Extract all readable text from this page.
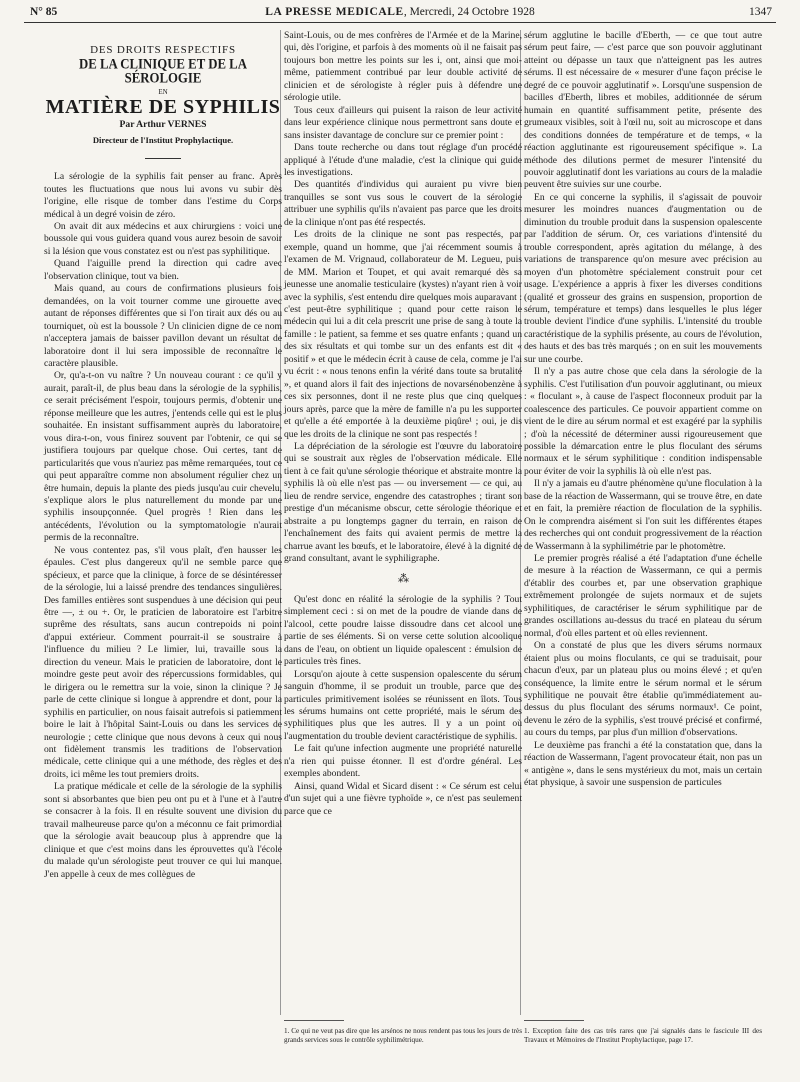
N° 85	LA PRESSE MEDICALE, Mercredi, 24 Octobre 1928	1347
DES DROITS RESPECTIFS
DE LA CLINIQUE ET DE LA SÉROLOGIE
EN
MATIÈRE DE SYPHILIS
Par Arthur VERNES
Directeur de l'Institut Prophylactique.

La sérologie de la syphilis fait penser au franc. Après toutes les fluctuations que nous lui avons vu subir dès l'origine, elle risque de tomber dans l'estime du Corps médical à un degré voisin de zéro.

On avait dit aux médecins et aux chirurgiens : voici une boussole qui vous guidera quand vous aurez besoin de savoir si la lésion que vous constatez est ou n'est pas syphilitique.

Quand l'aiguille prend la direction qui cadre avec l'observation clinique, tout va bien.

Mais quand, au cours de confirmations plusieurs fois demandées, on la voit tourner comme une girouette avec autant de réponses différentes que si l'on tirait aux dés ou au tourniquet, où est la boussole ? Un clinicien digne de ce nom n'acceptera jamais de baisser pavillon devant un résultat de laboratoire dont il lui sera impossible de reconnaître le caractère plausible.

Or, qu'a-t-on vu naître ? Un nouveau courant : ce qu'il y aurait, paraît-il, de plus beau dans la sérologie de la syphilis, ce serait précisément l'espoir, toujours permis, d'obtenir une réponse meilleure que les autres, j'entends celle qui est le plus souhaitée. En insistant suffisamment auprès du laboratoire, vous dira-t-on, vous finirez souvent par l'obtenir, ce qui se justifiera toujours par quelque chose. Oui certes, tant de particularités que vous n'auriez pas même remarquées, tout ce qui peut apparaître comme non absolument régulier chez un être humain, depuis la plante des pieds jusqu'au cuir chevelu, s'explique alors le plus naturellement du monde par une syphilis insoupçonnée. Quel progrès ! Rien dans les antécédents, l'évolution ou la symptomatologie n'aurait permis de la reconnaître.

Ne vous contentez pas, s'il vous plaît, d'en hausser les épaules. C'est plus dangereux qu'il ne semble parce que spécieux, et parce que la clinique, à force de se désintéresser de la sérologie, lui a laissé prendre des tendances singulières. Des familles entières sont suspendues à une décision qui peut être —, ± ou +. Or, le praticien de laboratoire est l'arbitre suprême des résultats, sans aucun contrepoids ni point d'appui extérieur. Comment pourrait-il se soustraire à l'influence du milieu ? Le limier, lui, travaille sous la direction du veneur. Mais le praticien de laboratoire, dont le moindre geste peut avoir des répercussions formidables, qui le dirigera ou le remettra sur la voie, sinon la clinique ? Je parle de cette clinique si longue à apprendre et dont, pour la syphilis en particulier, on nous faisait autrefois si patiemment boire le lait à l'hôpital Saint-Louis ou dans les services de neurologie ; cette clinique que nous devons à ceux qui nous ont fidèlement transmis les traditions de l'observation médicale, cette clinique qui a une méthode, des règles et des droits, ici même les tout premiers droits.

La pratique médicale et celle de la sérologie de la syphilis sont si absorbantes que bien peu ont pu et à l'une et à l'autre se consacrer à la fois. Il en résulte souvent une division du travail malheureuse parce qu'on a méconnu ce fait primordial que la sérologie avait beaucoup plus à apprendre que la clinique et que c'est moins dans les éprouvettes qu'à l'école du malade qu'un sérologiste peut trouver ce qui lui manque. J'en appelle à ceux de mes collègues de

Saint-Louis, ou de mes confrères de l'Armée et de la Marine, qui, dès l'origine, et parfois à des moments où il ne faisait pas toujours bon mettre les points sur les i, ont, ainsi que moi-même, patiemment contribué par leur double activité de clinicien et de sérologiste à régler puis à défendre une sérologie utile.

Tous ceux d'ailleurs qui puisent la raison de leur activité dans leur expérience clinique nous permettront sans doute et sans insister davantage de conclure sur ce premier point :

Dans toute recherche ou dans tout réglage d'un procédé appliqué à l'étude d'une maladie, c'est la clinique qui guide les investigations.

Des quantités d'individus qui auraient pu vivre bien tranquilles se sont vus sous le couvert de la sérologie attribuer une syphilis qu'ils n'avaient pas parce que les droits de la clinique n'ont pas été respectés.

Les droits de la clinique ne sont pas respectés, par exemple, quand un homme, que j'ai récemment soumis à l'examen de M. Vrignaud, collaborateur de M. Legueu, puis de MM. Marion et Toupet, et qui avait remarqué dès sa jeunesse une anomalie testiculaire (kystes) n'ayant rien à voir avec la syphilis, s'est entendu dire quelques mois auparavant : c'est peut-être syphilitique ; quand pour cette raison le médecin qui lui a dit cela prescrit une prise de sang à toute la famille : le patient, sa femme et ses quatre enfants ; quand un des six résultats et qui tombe sur un des enfants est dit « positif » et que le médecin écrit à cause de cela, comme je l'ai vu écrit : « nous tenons enfin la vérité dans toute sa brutalité », et quand alors il fait des injections de novarsénobenzène à ces six personnes, dont il ne reste plus que cinq quelques jours après, parce que la mère de famille n'a pu les supporter et qu'elle a été emportée à la deuxième piqûre¹ ; oui, je dis que les droits de la clinique ne sont pas respectés !

La dépréciation de la sérologie est l'œuvre du laboratoire qui se soustrait aux règles de l'observation médicale. Elle tient à ce fait qu'une sérologie théorique et abstraite montre la syphilis là où elle n'est pas — ou inversement — ce qui, au lieu de rendre service, engendre des catastrophes ; tirant son prestige d'un mécanisme obscur, cette sérologie théorique et abstraite a pu longtemps gagner du terrain, en raison de l'enchaînement des faits qui avaient permis de mettre la charrue avant les bœufs, et le laboratoire, élevé à la dignité de grand consultant, avant le syphiligraphe.

⁂

Qu'est donc en réalité la sérologie de la syphilis ? Tout simplement ceci : si on met de la poudre de viande dans de l'alcool, cette poudre laisse dissoudre dans cet alcool une partie de ses éléments. Si on verse cette solution alcoolique dans de l'eau, on obtient un liquide opalescent : émulsion de particules très fines.

Lorsqu'on ajoute à cette suspension opalescente du sérum sanguin d'homme, il se produit un trouble, parce que des particules primitivement isolées se réunissent en îlots. Tous les sérums humains ont cette propriété, mais le sérum des syphilitiques plus que les autres. Il y a un point où l'augmentation du trouble devient caractéristique de syphilis.

Le fait qu'une infection augmente une propriété naturelle n'a rien qui puisse étonner. Il est d'ordre général. Les exemples abondent.

Ainsi, quand Widal et Sicard disent : « Ce sérum est celui d'un sujet qui a une fièvre typhoïde », ce n'est pas seulement parce que ce

sérum agglutine le bacille d'Eberth, — ce que tout autre sérum peut faire, — c'est parce que son pouvoir agglutinant atteint ou dépasse un taux que n'atteignent pas les autres sérums. Il est nécessaire de « mesurer d'une façon précise le degré de ce pouvoir agglutinatif ». Lorsqu'une suspension de bacilles d'Eberth, libres et mobiles, additionnée de sérum humain en quantité suffisamment petite, présente des grumeaux visibles, soit à l'œil nu, soit au microscope et dans des conditions données de température et de temps, « la réaction agglutinante est rigoureusement spécifique ». La méthode des dilutions permet de mesurer l'intensité du pouvoir agglutinatif dont les variations au cours de la maladie peuvent être suivies sur une courbe.

En ce qui concerne la syphilis, il s'agissait de pouvoir mesurer les moindres nuances d'augmentation ou de diminution du trouble produit dans la suspension opalescente par l'addition de sérum. Or, ces variations d'intensité du trouble correspondent, après agitation du mélange, à des variations de transparence qu'on mesure avec précision au moyen d'un photomètre spécialement construit pour cet usage. L'expérience a appris à fixer les diverses conditions (qualité et grosseur des grains en suspension, proportion de sérum, température et temps) dans lesquelles le plus léger trouble devient l'indice d'une syphilis. L'intensité du trouble caractéristique de la syphilis présente, au cours de l'évolution, des hauts et des bas très marqués ; on en suit les mouvements sur une courbe.

Il n'y a pas autre chose que cela dans la sérologie de la syphilis. C'est l'utilisation d'un pouvoir agglutinant, ou mieux : « floculant », à cause de l'aspect floconneux produit par la coalescence des particules. Ce pouvoir appartient comme on vient de le dire au sérum normal et est exagéré par la syphilis ; d'où la nécessité de déterminer aussi rigoureusement que possible la démarcation entre le plus floculant des sérums normaux et le sérum syphilitique : condition indispensable pour éviter de voir la syphilis là où elle n'est pas.

Il n'y a jamais eu d'autre phénomène qu'une floculation à la base de la réaction de Wassermann, qui se trouve être, en date et en fait, la première réaction de floculation de la syphilis. On le comprendra aisément si l'on suit les différentes étapes des recherches qui ont conduit progressivement de la réaction de Wassermann à la syphilimétrie par le photomètre.

Le premier progrès réalisé a été l'adaptation d'une échelle de mesure à la réaction de Wassermann, ce qui a permis d'établir des courbes et, par une observation graphique extrêmement prolongée de sujets normaux et de sujets syphilitiques, de caractériser le sérum syphilitique par de grandes oscillations au-dessus du tracé en plateau du sérum normal, d'où elles partent et où elles reviennent.

On a constaté de plus que les divers sérums normaux étaient plus ou moins floculants, ce qui se traduisait, pour chacun d'eux, par un plateau plus ou moins élevé ; et qu'en conséquence, la limite entre le sérum normal et le sérum syphilitique ne pouvait être établie qu'immédiatement au-dessus du plus floculant des sérums normaux¹. Ce point, devenu le zéro de la syphilis, s'est trouvé précisé et confirmé, au cours du temps, par plus d'un million d'observations.

Le deuxième pas franchi a été la constatation que, dans la réaction de Wassermann, l'agent provocateur était, non pas un « antigène », dans le sens mystérieux du mot, mais un certain état physique, à savoir une suspension de particules

1. Ce qui ne veut pas dire que les arsénos ne nous rendent pas tous les jours de très grands services sous le contrôle syphilimétrique.
1. Exception faite des cas très rares que j'ai signalés dans le fascicule III des Travaux et Mémoires de l'Institut Prophylactique, page 17.
